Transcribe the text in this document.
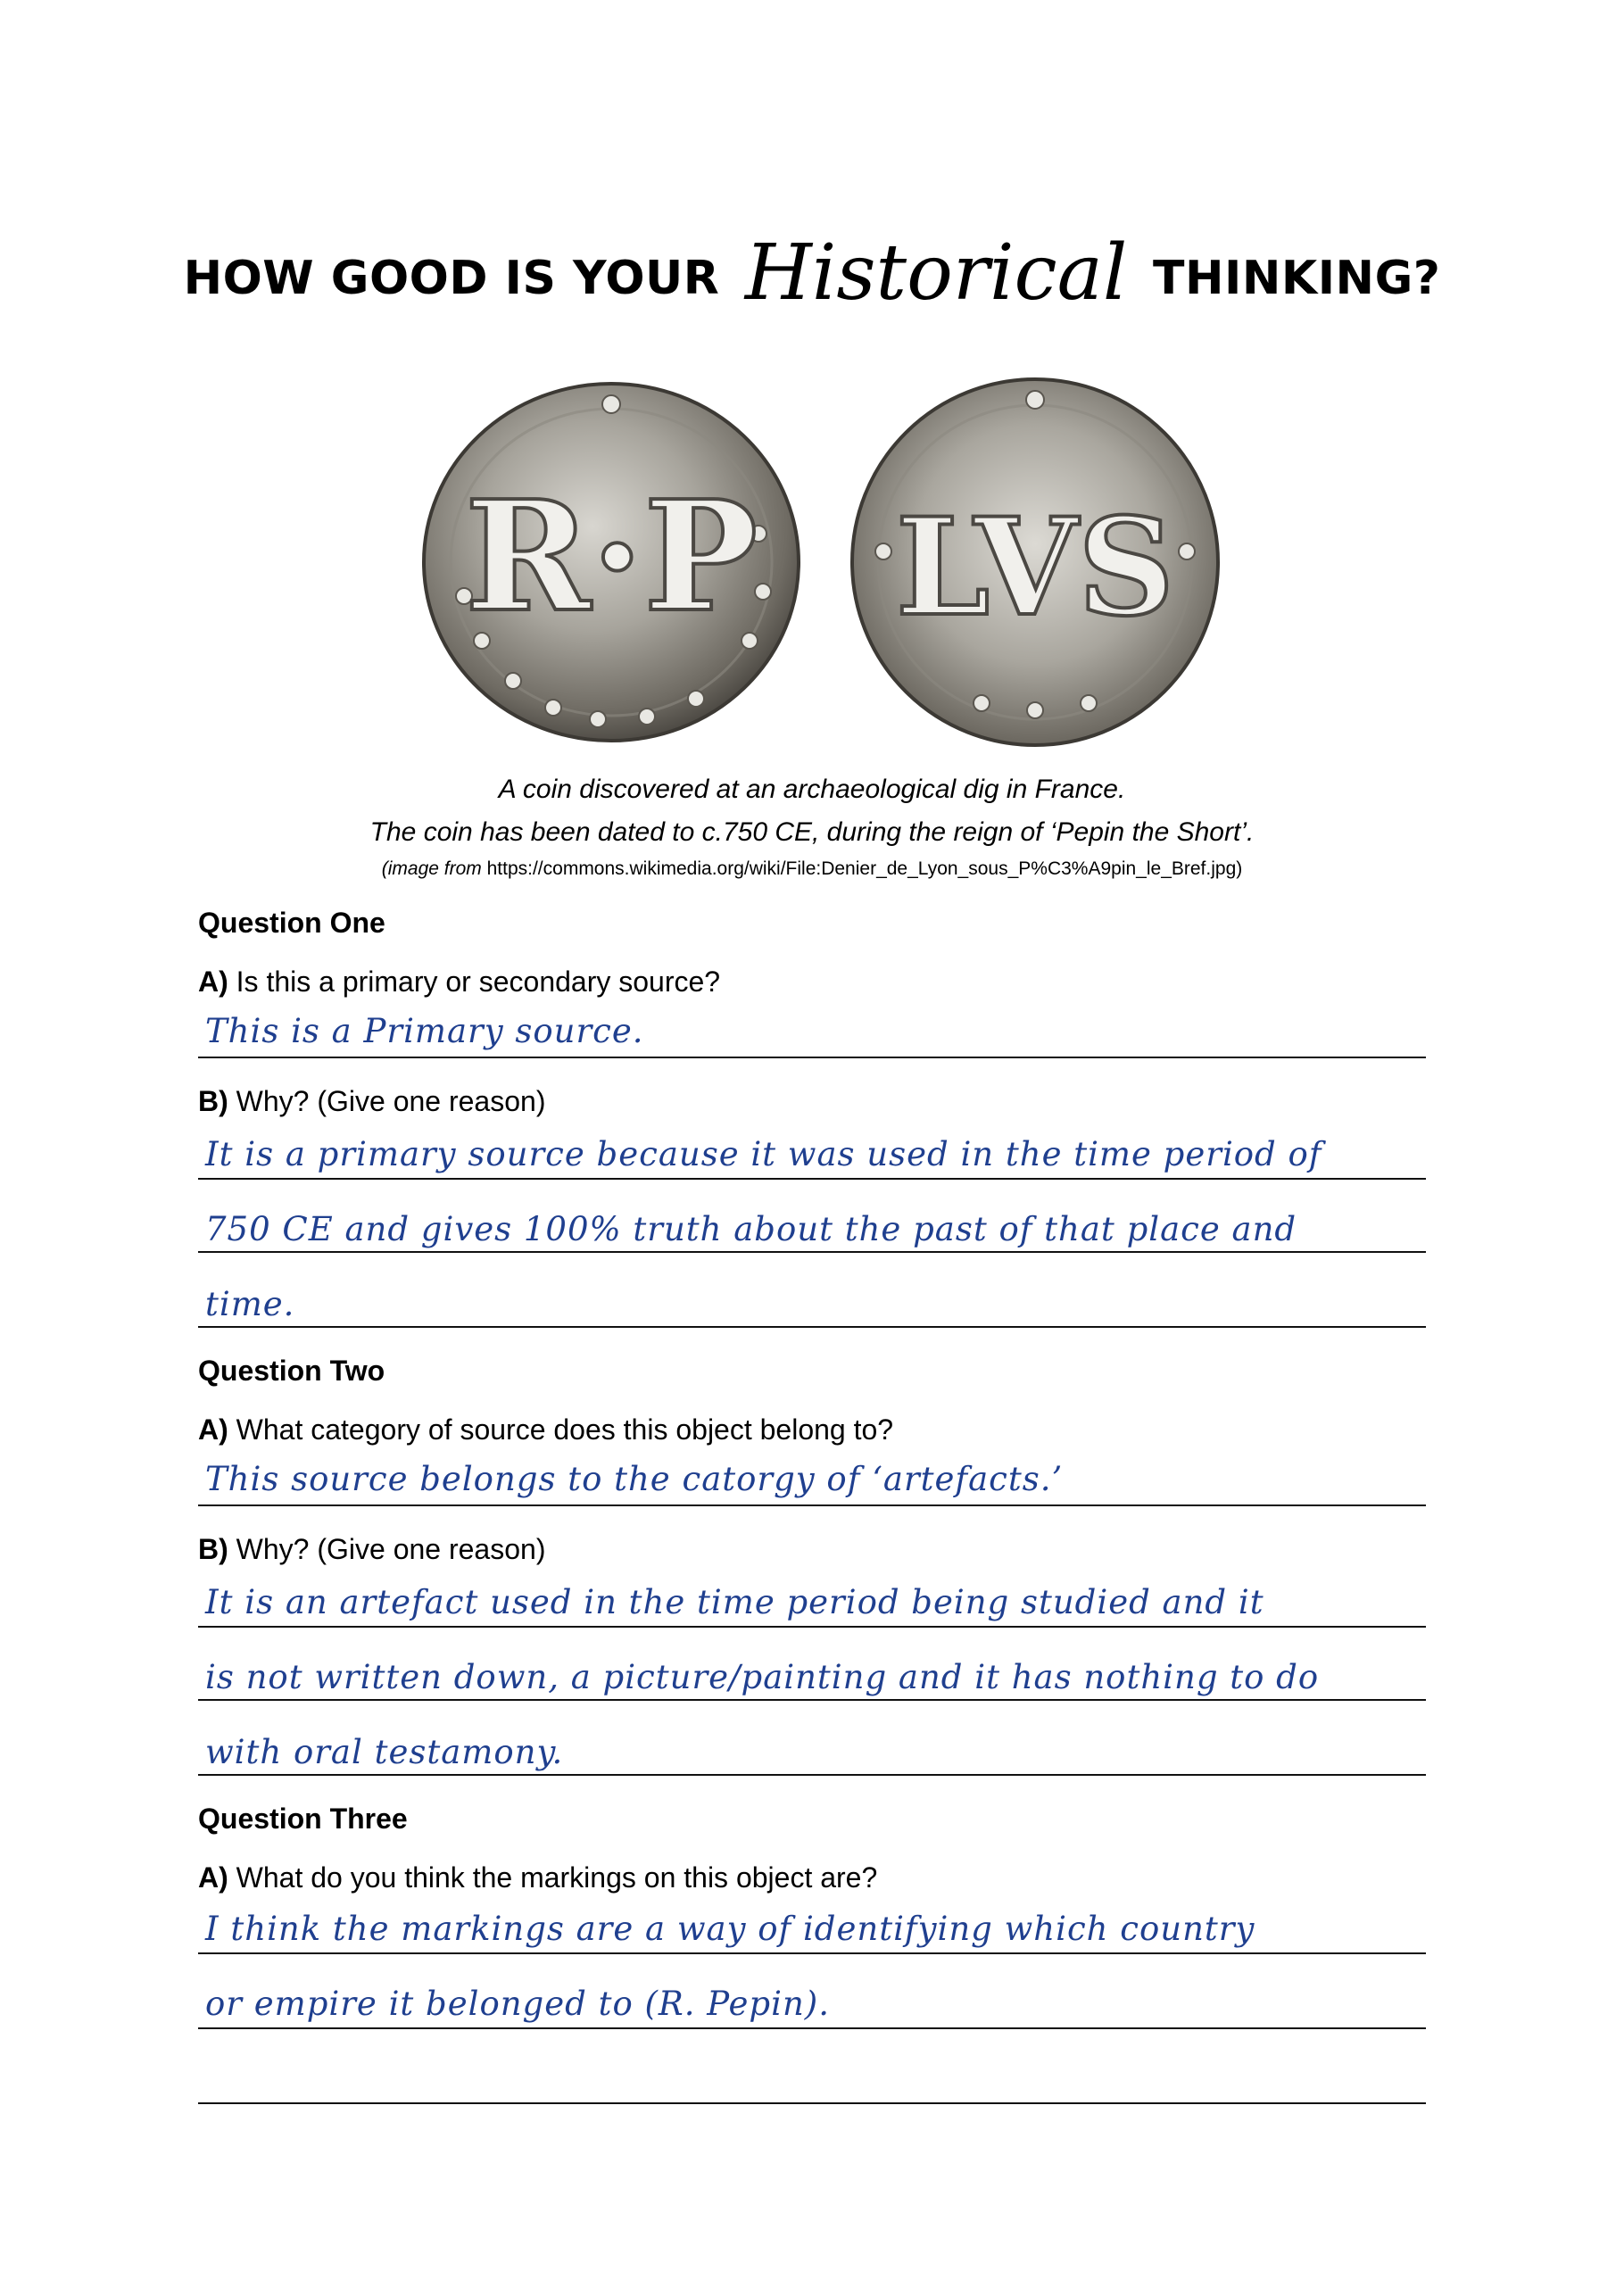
HOW GOOD IS YOUR Historical THINKING?
R·P LVS
A coin discovered at an archaeological dig in France.
The coin has been dated to c.750 CE, during the reign of ‘Pepin the Short’.
(image from https://commons.wikimedia.org/wiki/File:Denier_de_Lyon_sous_P%C3%A9pin_le_Bref.jpg)
Question One
A) Is this a primary or secondary source?
This is a Primary source.
B) Why? (Give one reason)
It is a primary source because it was used in the time period of
750 CE and gives 100% truth about the past of that place and
time.
Question Two
A) What category of source does this object belong to?
This source belongs to the catorgy of ‘artefacts.’
B) Why? (Give one reason)
It is an artefact used in the time period being studied and it
is not written down, a picture/painting and it has nothing to do
with oral testamony.
Question Three
A) What do you think the markings on this object are?
I think the markings are a way of identifying which country
or empire it belonged to (R. Pepin).
